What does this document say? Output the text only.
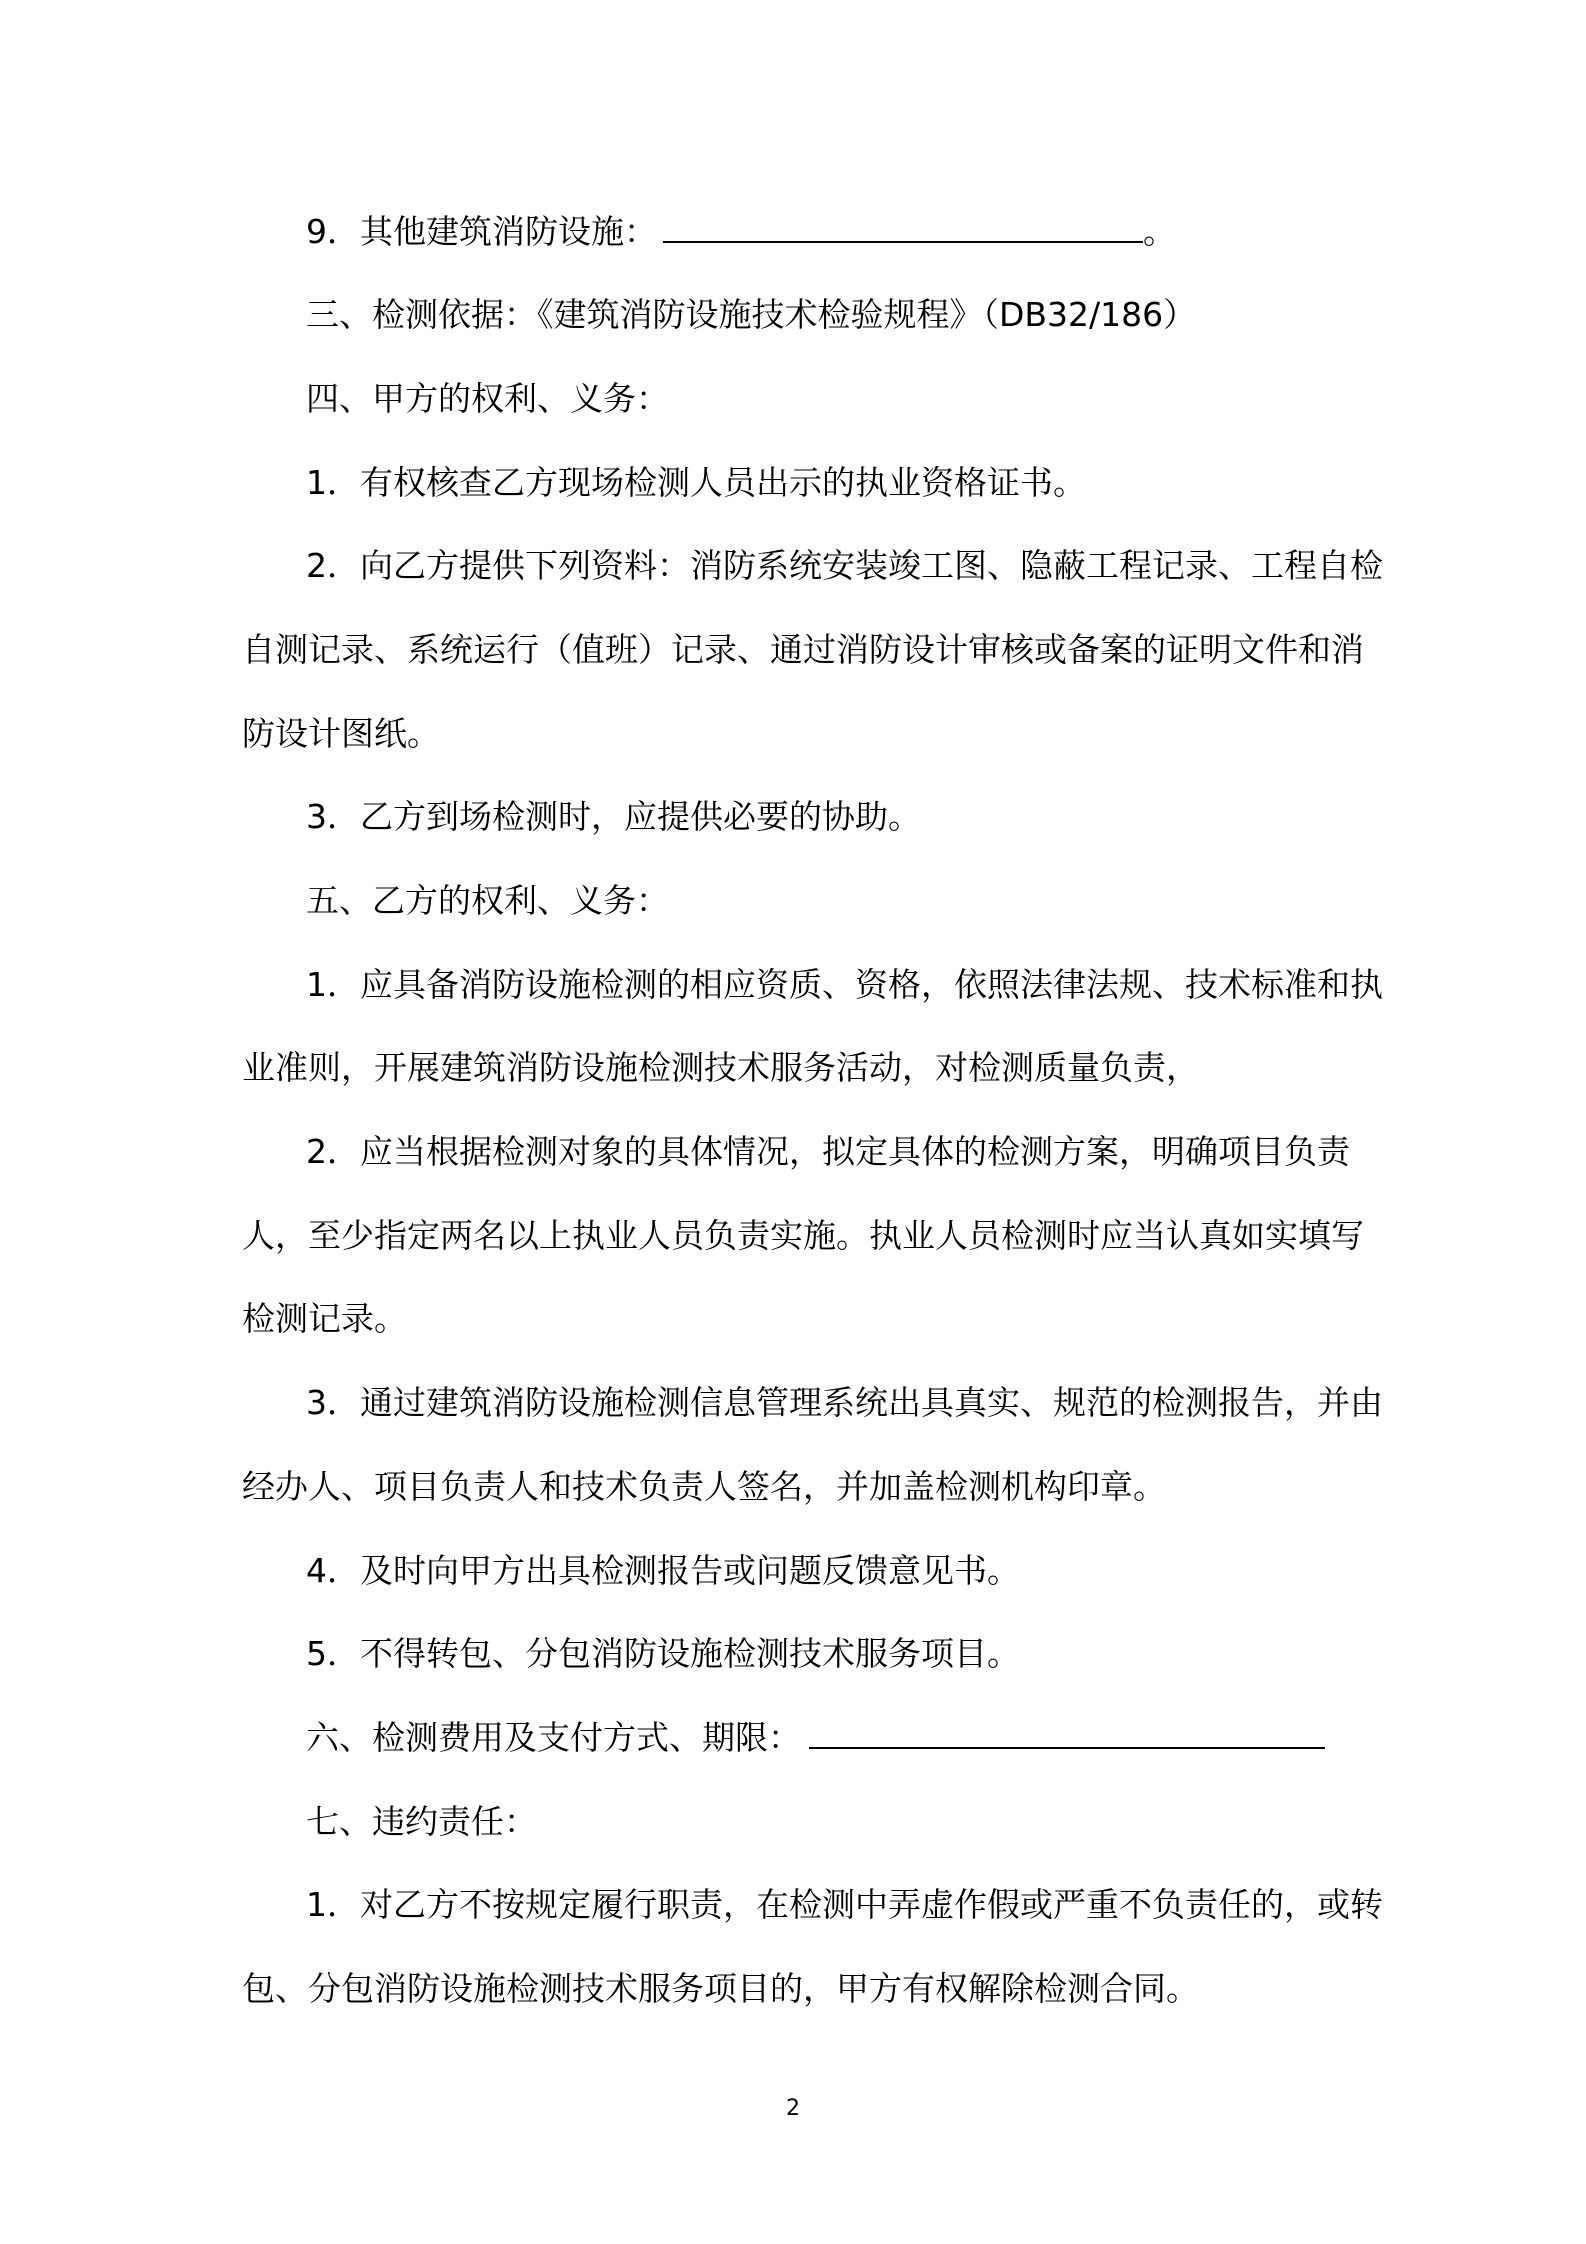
9．其他建筑消防设施：	。
三、检测依据：《建筑消防设施技术检验规程》（DB32/186）
四、甲方的权利、义务：
1．有权核查乙方现场检测人员出示的执业资格证书。
2．向乙方提供下列资料：消防系统安装竣工图、隐蔽工程记录、工程自检
自测记录、系统运行（值班）记录、通过消防设计审核或备案的证明文件和消
防设计图纸。
3．乙方到场检测时，应提供必要的协助。
五、乙方的权利、义务：
1．应具备消防设施检测的相应资质、资格，依照法律法规、技术标准和执
业准则，开展建筑消防设施检测技术服务活动，对检测质量负责，
2．应当根据检测对象的具体情况，拟定具体的检测方案，明确项目负责
人，至少指定两名以上执业人员负责实施。执业人员检测时应当认真如实填写
检测记录。
3．通过建筑消防设施检测信息管理系统出具真实、规范的检测报告，并由
经办人、项目负责人和技术负责人签名，并加盖检测机构印章。
4．及时向甲方出具检测报告或问题反馈意见书。
5．不得转包、分包消防设施检测技术服务项目。
六、检测费用及支付方式、期限：
七、违约责任：
1．对乙方不按规定履行职责，在检测中弄虚作假或严重不负责任的，或转
包、分包消防设施检测技术服务项目的，甲方有权解除检测合同。
2
